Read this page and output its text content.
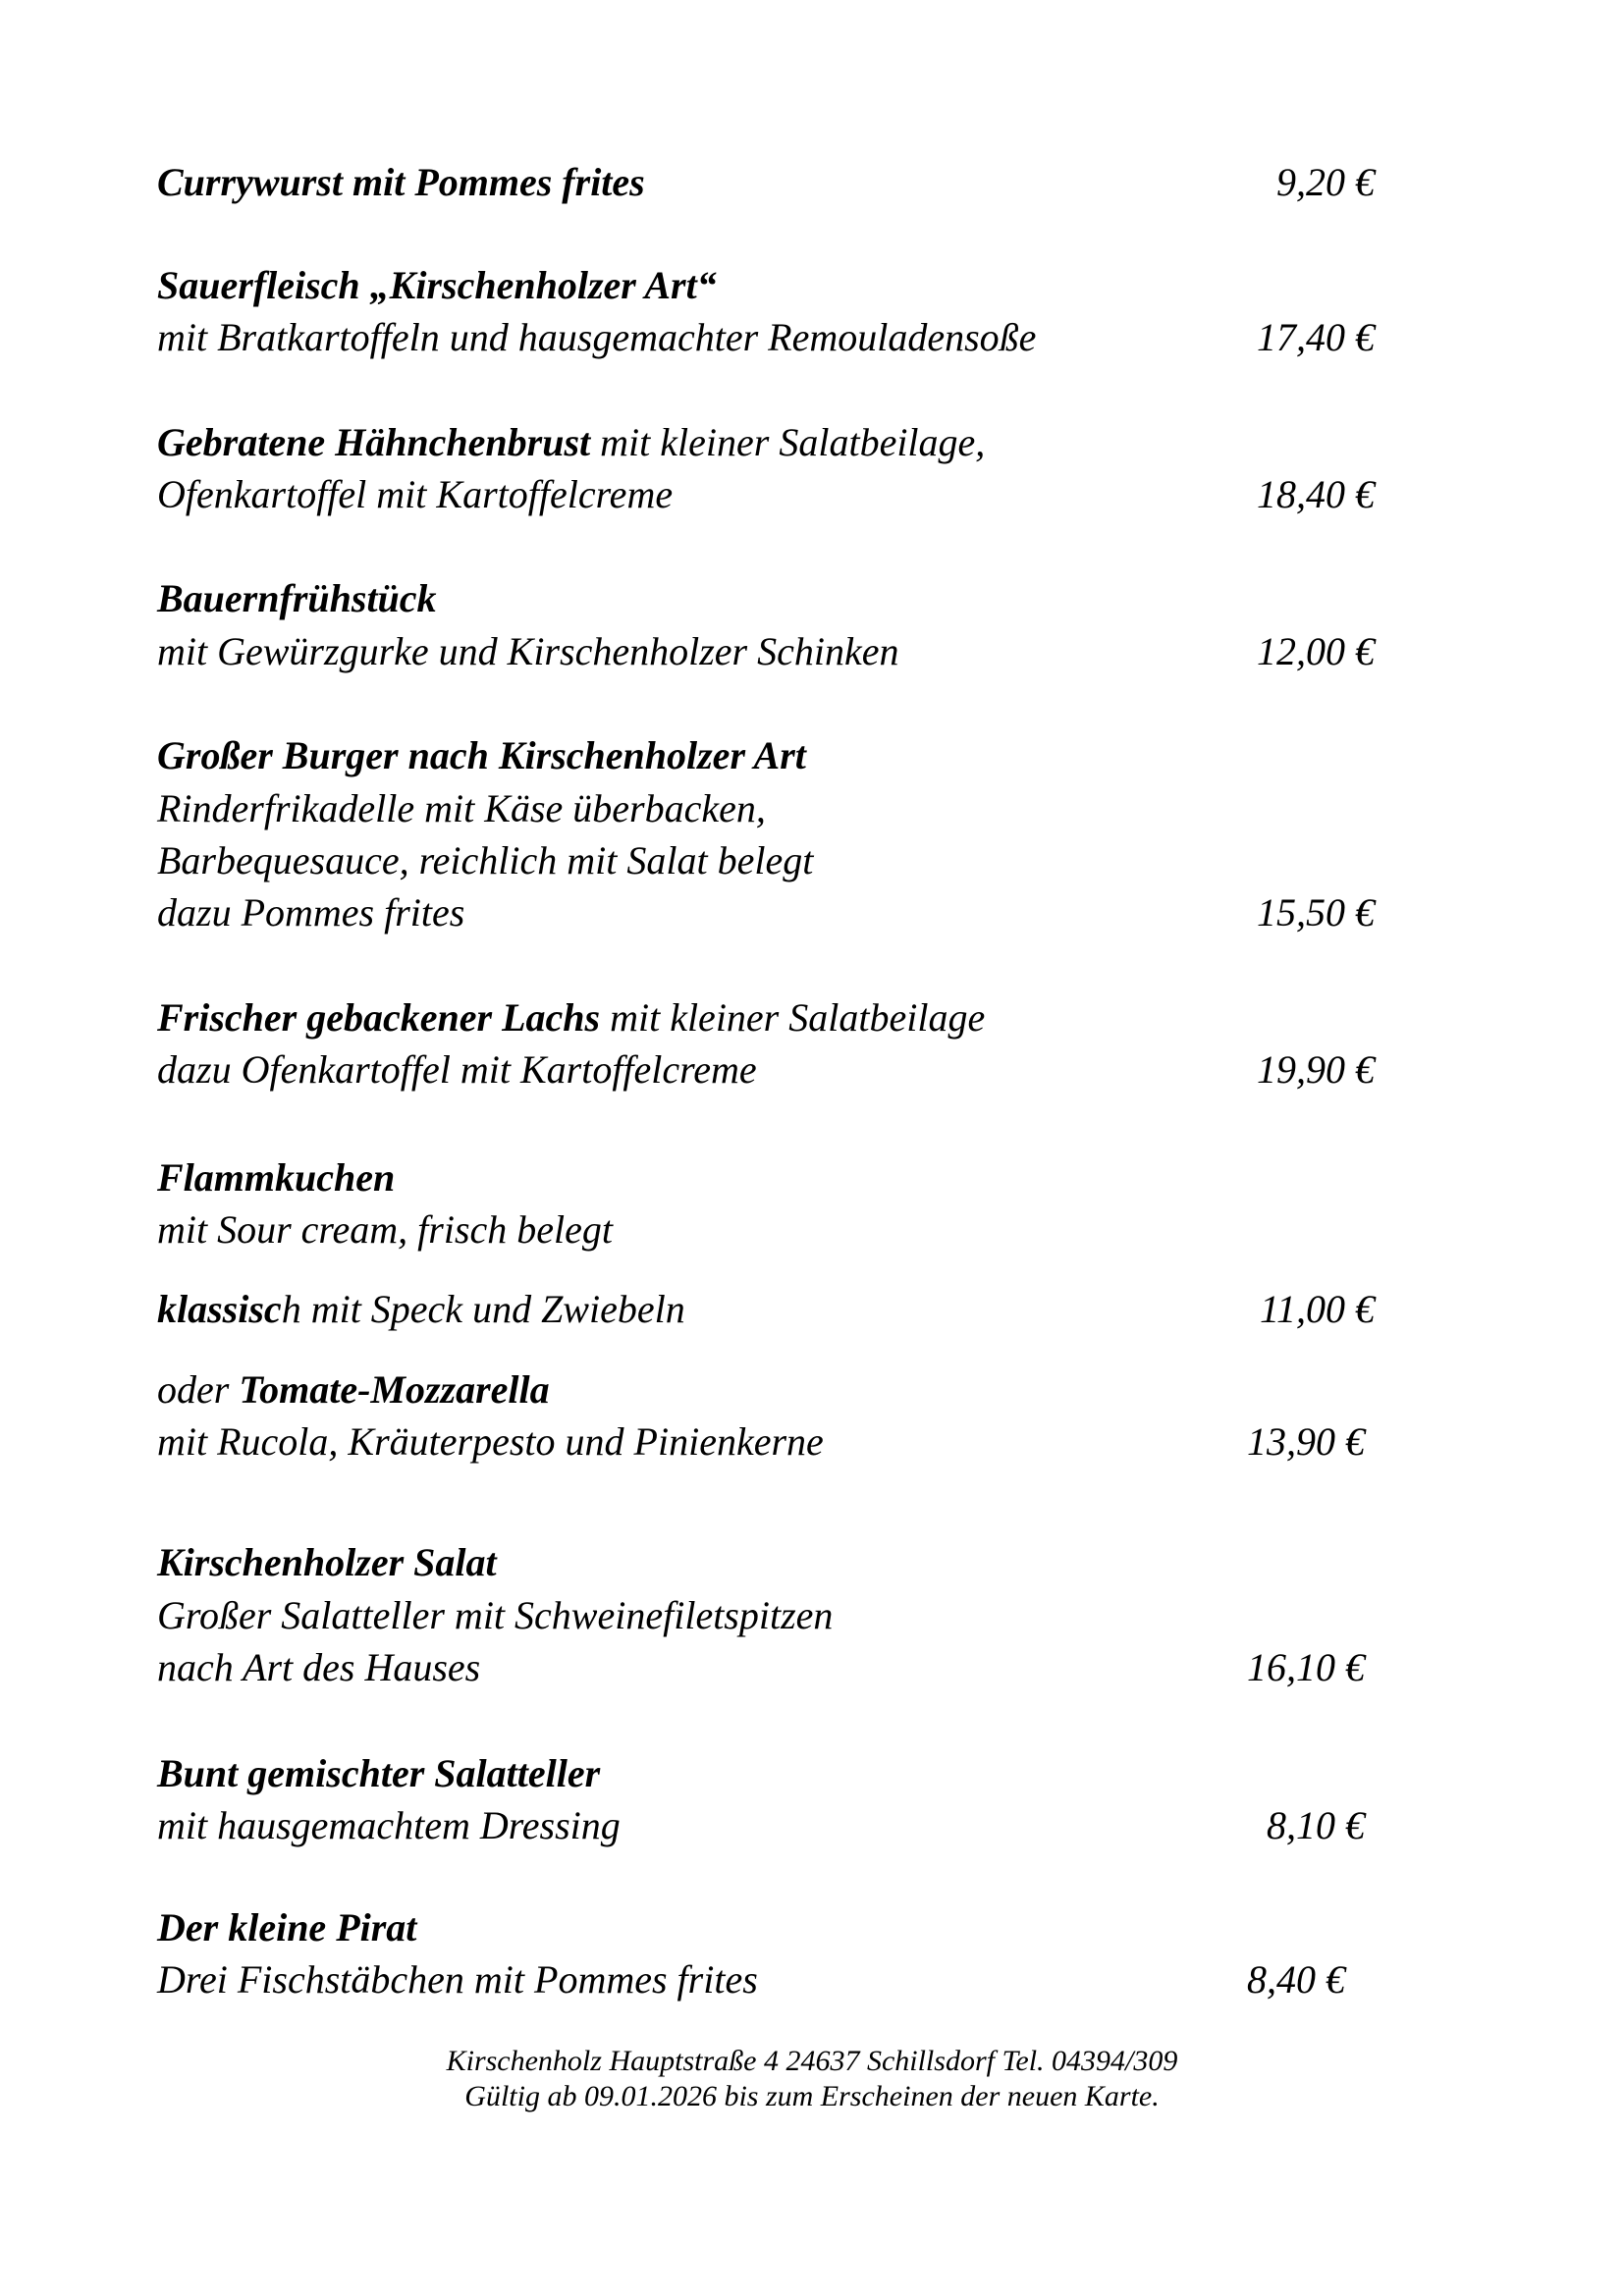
Currywurst mit Pommes frites	9,20 €
Sauerfleisch „Kirschenholzer Art“
mit Bratkartoffeln und hausgemachter Remouladensoße	17,40 €
Gebratene Hähnchenbrust mit kleiner Salatbeilage,
Ofenkartoffel mit Kartoffelcreme	18,40 €
Bauernfrühstück
mit Gewürzgurke und Kirschenholzer Schinken	12,00 €
Großer Burger nach Kirschenholzer Art
Rinderfrikadelle mit Käse überbacken,
Barbequesauce, reichlich mit Salat belegt
dazu Pommes frites	15,50 €
Frischer gebackener Lachs mit kleiner Salatbeilage
dazu Ofenkartoffel mit Kartoffelcreme	19,90 €
Flammkuchen
mit Sour cream, frisch belegt
klassisch mit Speck und Zwiebeln	11,00 €
oder Tomate-Mozzarella
mit Rucola, Kräuterpesto und Pinienkerne	13,90 €
Kirschenholzer Salat
Großer Salatteller mit Schweinefiletspitzen
nach Art des Hauses	16,10 €
Bunt gemischter Salatteller
mit hausgemachtem Dressing	8,10 €
Der kleine Pirat
Drei Fischstäbchen mit Pommes frites	8,40 €
Kirschenholz Hauptstraße 4 24637 Schillsdorf Tel. 04394/309
Gültig ab 09.01.2026 bis zum Erscheinen der neuen Karte.
